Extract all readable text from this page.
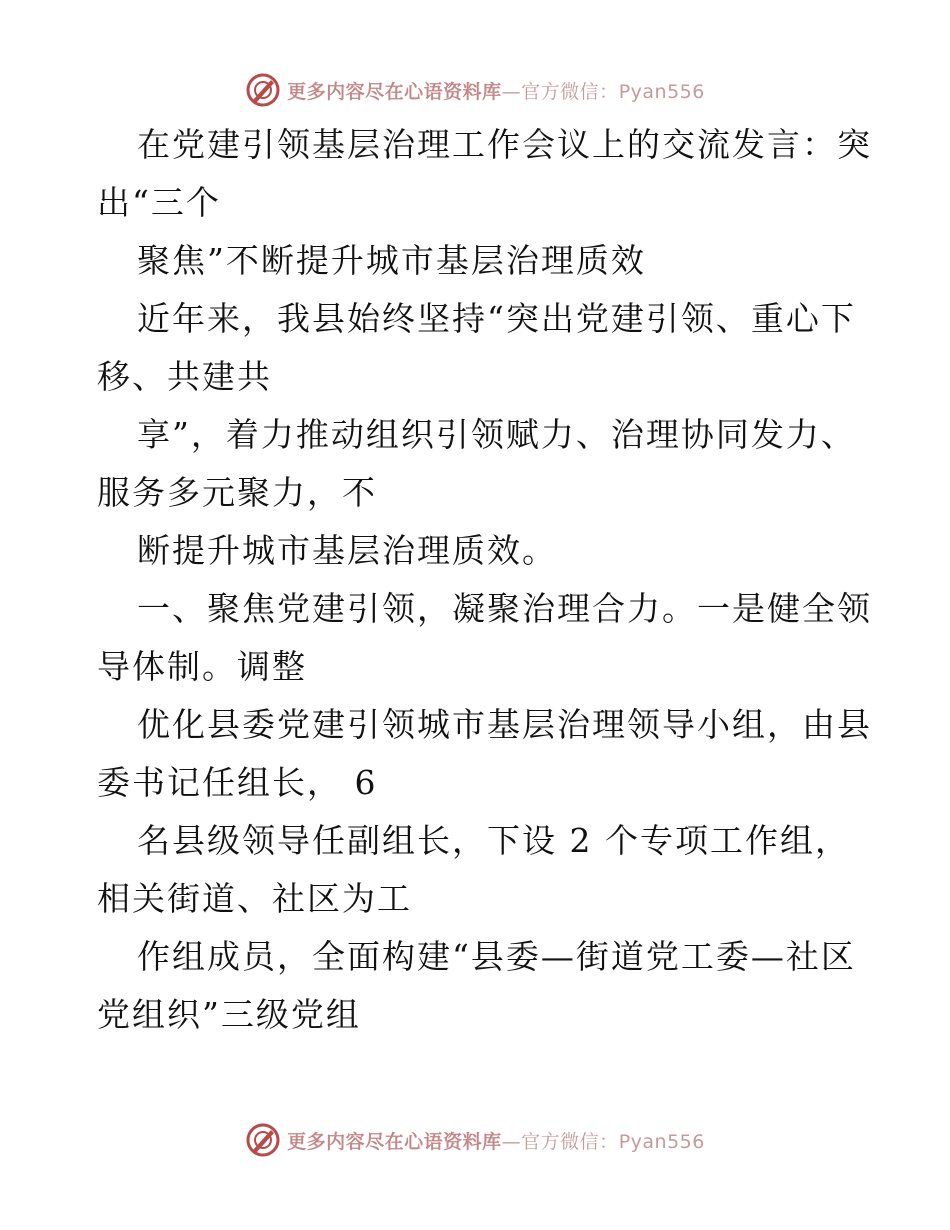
更多内容尽在心语资料库—官方微信：Pyan556
在党建引领基层治理工作会议上的交流发言：突
出“三个
聚焦”不断提升城市基层治理质效
近年来，我县始终坚持“突出党建引领、重心下
移、共建共
享”，着力推动组织引领赋力、治理协同发力、
服务多元聚力，不
断提升城市基层治理质效。
一、聚焦党建引领，凝聚治理合力。一是健全领
导体制。调整
优化县委党建引领城市基层治理领导小组，由县
委书记任组长， 6
名县级领导任副组长，下设 2 个专项工作组，
相关街道、社区为工
作组成员，全面构建“县委—街道党工委—社区
党组织”三级党组
更多内容尽在心语资料库—官方微信：Pyan556
